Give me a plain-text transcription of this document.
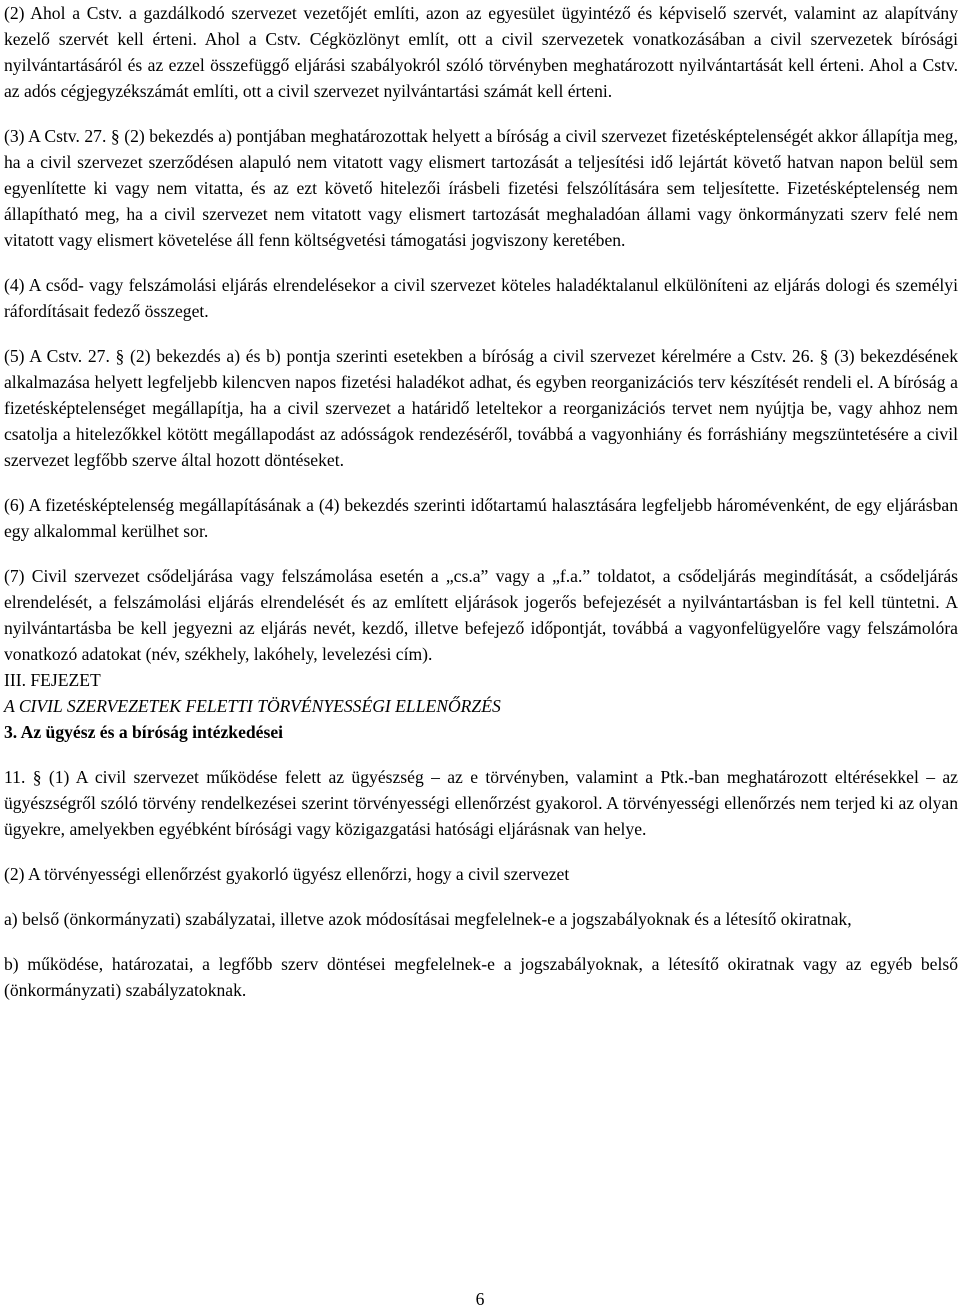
(2) Ahol a Cstv. a gazdálkodó szervezet vezetőjét említi, azon az egyesület ügyintéző és képviselő szervét, valamint az alapítvány kezelő szervét kell érteni. Ahol a Cstv. Cégközlönyt említ, ott a civil szervezetek vonatkozásában a civil szervezetek bírósági nyilvántartásáról és az ezzel összefüggő eljárási szabályokról szóló törvényben meghatározott nyilvántartását kell érteni. Ahol a Cstv. az adós cégjegyzékszámát említi, ott a civil szervezet nyilvántartási számát kell érteni.

(3) A Cstv. 27. § (2) bekezdés a) pontjában meghatározottak helyett a bíróság a civil szervezet fizetésképtelenségét akkor állapítja meg, ha a civil szervezet szerződésen alapuló nem vitatott vagy elismert tartozását a teljesítési idő lejártát követő hatvan napon belül sem egyenlítette ki vagy nem vitatta, és az ezt követő hitelezői írásbeli fizetési felszólítására sem teljesítette. Fizetésképtelenség nem állapítható meg, ha a civil szervezet nem vitatott vagy elismert tartozását meghaladóan állami vagy önkormányzati szerv felé nem vitatott vagy elismert követelése áll fenn költségvetési támogatási jogviszony keretében.

(4) A csőd- vagy felszámolási eljárás elrendelésekor a civil szervezet köteles haladéktalanul elkülöníteni az eljárás dologi és személyi ráfordításait fedező összeget.

(5) A Cstv. 27. § (2) bekezdés a) és b) pontja szerinti esetekben a bíróság a civil szervezet kérelmére a Cstv. 26. § (3) bekezdésének alkalmazása helyett legfeljebb kilencven napos fizetési haladékot adhat, és egyben reorganizációs terv készítését rendeli el. A bíróság a fizetésképtelenséget megállapítja, ha a civil szervezet a határidő leteltekor a reorganizációs tervet nem nyújtja be, vagy ahhoz nem csatolja a hitelezőkkel kötött megállapodást az adósságok rendezéséről, továbbá a vagyonhiány és forráshiány megszüntetésére a civil szervezet legfőbb szerve által hozott döntéseket.

(6) A fizetésképtelenség megállapításának a (4) bekezdés szerinti időtartamú halasztására legfeljebb háromévenként, de egy eljárásban egy alkalommal kerülhet sor.

(7) Civil szervezet csődeljárása vagy felszámolása esetén a „cs.a” vagy a „f.a.” toldatot, a csődeljárás megindítását, a csődeljárás elrendelését, a felszámolási eljárás elrendelését és az említett eljárások jogerős befejezését a nyilvántartásban is fel kell tüntetni. A nyilvántartásba be kell jegyezni az eljárás nevét, kezdő, illetve befejező időpontját, továbbá a vagyonfelügyelőre vagy felszámolóra vonatkozó adatokat (név, székhely, lakóhely, levelezési cím).

III. FEJEZET

A CIVIL SZERVEZETEK FELETTI TÖRVÉNYESSÉGI ELLENŐRZÉS

3. Az ügyész és a bíróság intézkedései

11. § (1) A civil szervezet működése felett az ügyészség – az e törvényben, valamint a Ptk.-ban meghatározott eltérésekkel – az ügyészségről szóló törvény rendelkezései szerint törvényességi ellenőrzést gyakorol. A törvényességi ellenőrzés nem terjed ki az olyan ügyekre, amelyekben egyébként bírósági vagy közigazgatási hatósági eljárásnak van helye.

(2) A törvényességi ellenőrzést gyakorló ügyész ellenőrzi, hogy a civil szervezet

a) belső (önkormányzati) szabályzatai, illetve azok módosításai megfelelnek-e a jogszabályoknak és a létesítő okiratnak,

b) működése, határozatai, a legfőbb szerv döntései megfelelnek-e a jogszabályoknak, a létesítő okiratnak vagy az egyéb belső (önkormányzati) szabályzatoknak.

6
